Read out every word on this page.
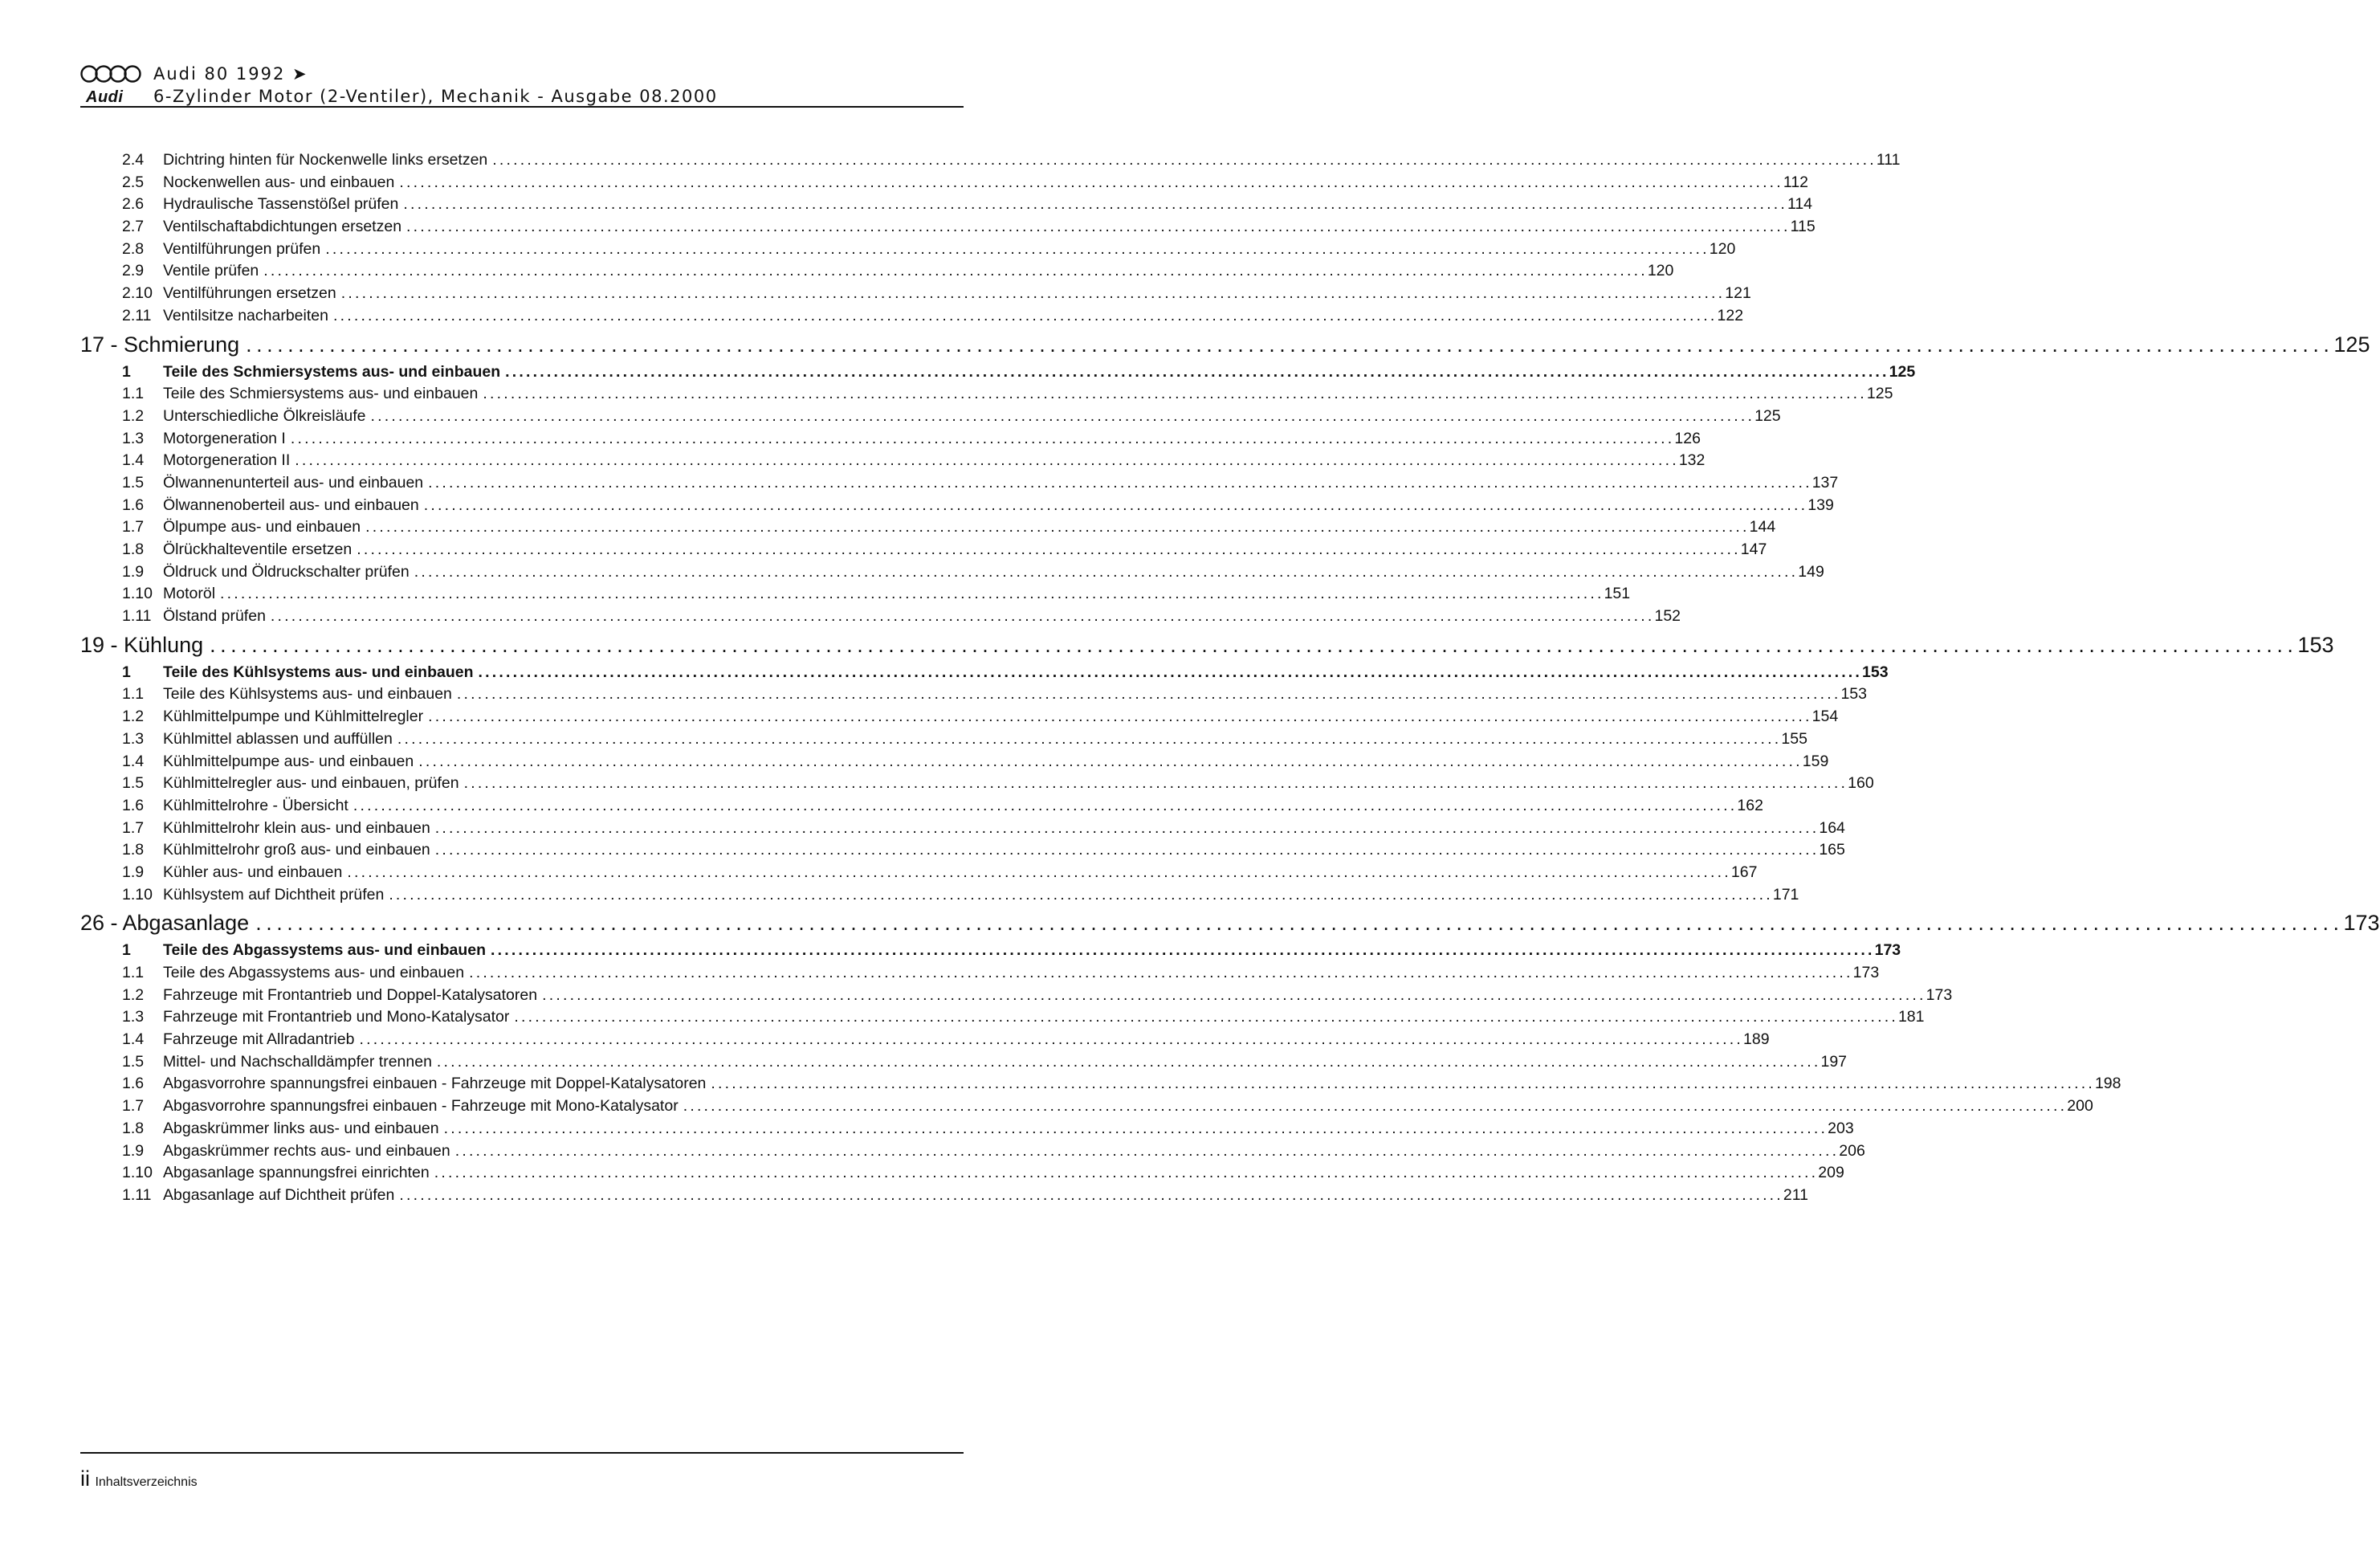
Audi
Audi 80 1992 ➤
6-Zylinder Motor (2-Ventiler), Mechanik - Ausgabe 08.2000
2.4	Dichtring hinten für Nockenwelle links ersetzen ........................................................................................................................................................................................................ 111
2.5	Nockenwellen aus- und einbauen ........................................................................................................................................................................................................ 112
2.6	Hydraulische Tassenstößel prüfen ........................................................................................................................................................................................................ 114
2.7	Ventilschaftabdichtungen ersetzen ........................................................................................................................................................................................................ 115
2.8	Ventilführungen prüfen ........................................................................................................................................................................................................ 120
2.9	Ventile prüfen ........................................................................................................................................................................................................ 120
2.10 Ventilführungen ersetzen ........................................................................................................................................................................................................ 121
2.11 Ventilsitze nacharbeiten ........................................................................................................................................................................................................ 122
17 - Schmierung ........................................................................................................................................................................................................ 125
1	Teile des Schmiersystems aus- und einbauen ........................................................................................................................................................................................................ 125
1.1	Teile des Schmiersystems aus- und einbauen ........................................................................................................................................................................................................ 125
1.2	Unterschiedliche Ölkreisläufe ........................................................................................................................................................................................................ 125
1.3	Motorgeneration I ........................................................................................................................................................................................................ 126
1.4	Motorgeneration II ........................................................................................................................................................................................................ 132
1.5	Ölwannenunterteil aus- und einbauen ........................................................................................................................................................................................................ 137
1.6	Ölwannenoberteil aus- und einbauen ........................................................................................................................................................................................................ 139
1.7	Ölpumpe aus- und einbauen ........................................................................................................................................................................................................ 144
1.8	Ölrückhalteventile ersetzen ........................................................................................................................................................................................................ 147
1.9	Öldruck und Öldruckschalter prüfen ........................................................................................................................................................................................................ 149
1.10 Motoröl ........................................................................................................................................................................................................ 151
1.11 Ölstand prüfen ........................................................................................................................................................................................................ 152
19 - Kühlung ........................................................................................................................................................................................................ 153
1	Teile des Kühlsystems aus- und einbauen ........................................................................................................................................................................................................ 153
1.1	Teile des Kühlsystems aus- und einbauen ........................................................................................................................................................................................................ 153
1.2	Kühlmittelpumpe und Kühlmittelregler ........................................................................................................................................................................................................ 154
1.3	Kühlmittel ablassen und auffüllen ........................................................................................................................................................................................................ 155
1.4	Kühlmittelpumpe aus- und einbauen ........................................................................................................................................................................................................ 159
1.5	Kühlmittelregler aus- und einbauen, prüfen ........................................................................................................................................................................................................ 160
1.6	Kühlmittelrohre - Übersicht ........................................................................................................................................................................................................ 162
1.7	Kühlmittelrohr klein aus- und einbauen ........................................................................................................................................................................................................ 164
1.8	Kühlmittelrohr groß aus- und einbauen ........................................................................................................................................................................................................ 165
1.9	Kühler aus- und einbauen ........................................................................................................................................................................................................ 167
1.10 Kühlsystem auf Dichtheit prüfen ........................................................................................................................................................................................................ 171
26 - Abgasanlage ........................................................................................................................................................................................................ 173
1	Teile des Abgassystems aus- und einbauen ........................................................................................................................................................................................................ 173
1.1	Teile des Abgassystems aus- und einbauen ........................................................................................................................................................................................................ 173
1.2	Fahrzeuge mit Frontantrieb und Doppel-Katalysatoren ........................................................................................................................................................................................................ 173
1.3	Fahrzeuge mit Frontantrieb und Mono-Katalysator ........................................................................................................................................................................................................ 181
1.4	Fahrzeuge mit Allradantrieb ........................................................................................................................................................................................................ 189
1.5	Mittel- und Nachschalldämpfer trennen ........................................................................................................................................................................................................ 197
1.6	Abgasvorrohre spannungsfrei einbauen - Fahrzeuge mit Doppel-Katalysatoren ........................................................................................................................................................................................................ 198
1.7	Abgasvorrohre spannungsfrei einbauen - Fahrzeuge mit Mono-Katalysator ........................................................................................................................................................................................................ 200
1.8	Abgaskrümmer links aus- und einbauen ........................................................................................................................................................................................................ 203
1.9	Abgaskrümmer rechts aus- und einbauen ........................................................................................................................................................................................................ 206
1.10 Abgasanlage spannungsfrei einrichten ........................................................................................................................................................................................................ 209
1.11 Abgasanlage auf Dichtheit prüfen ........................................................................................................................................................................................................ 211
ii Inhaltsverzeichnis
